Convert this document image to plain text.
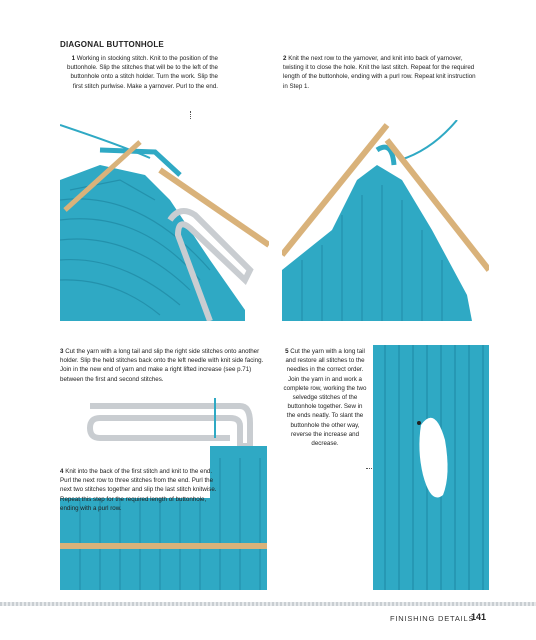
DIAGONAL BUTTONHOLE
1 Working in stocking stitch. Knit to the position of the buttonhole. Slip the stitches that will be to the left of the buttonhole onto a stitch holder. Turn the work. Slip the first stitch purlwise. Make a yarnover. Purl to the end.
2 Knit the next row to the yarnover, and knit into back of yarnover, twisting it to close the hole. Knit the last stitch. Repeat for the required length of the buttonhole, ending with a purl row. Repeat knit instruction in Step 1.
3 Cut the yarn with a long tail and slip the right side stitches onto another holder. Slip the held stitches back onto the left needle with knit side facing. Join in the new end of yarn and make a right lifted increase (see p.71) between the first and second stitches.
4 Knit into the back of the first stitch and knit to the end. Purl the next row to three stitches from the end. Purl the next two stitches together and slip the last stitch knitwise. Repeat this step for the required length of buttonhole, ending with a purl row.
5 Cut the yarn with a long tail and restore all stitches to the needles in the correct order. Join the yarn in and work a complete row, working the two selvedge stitches of the buttonhole together. Sew in the ends neatly. To slant the buttonhole the other way, reverse the increase and decrease.
FINISHING DETAILS
141
